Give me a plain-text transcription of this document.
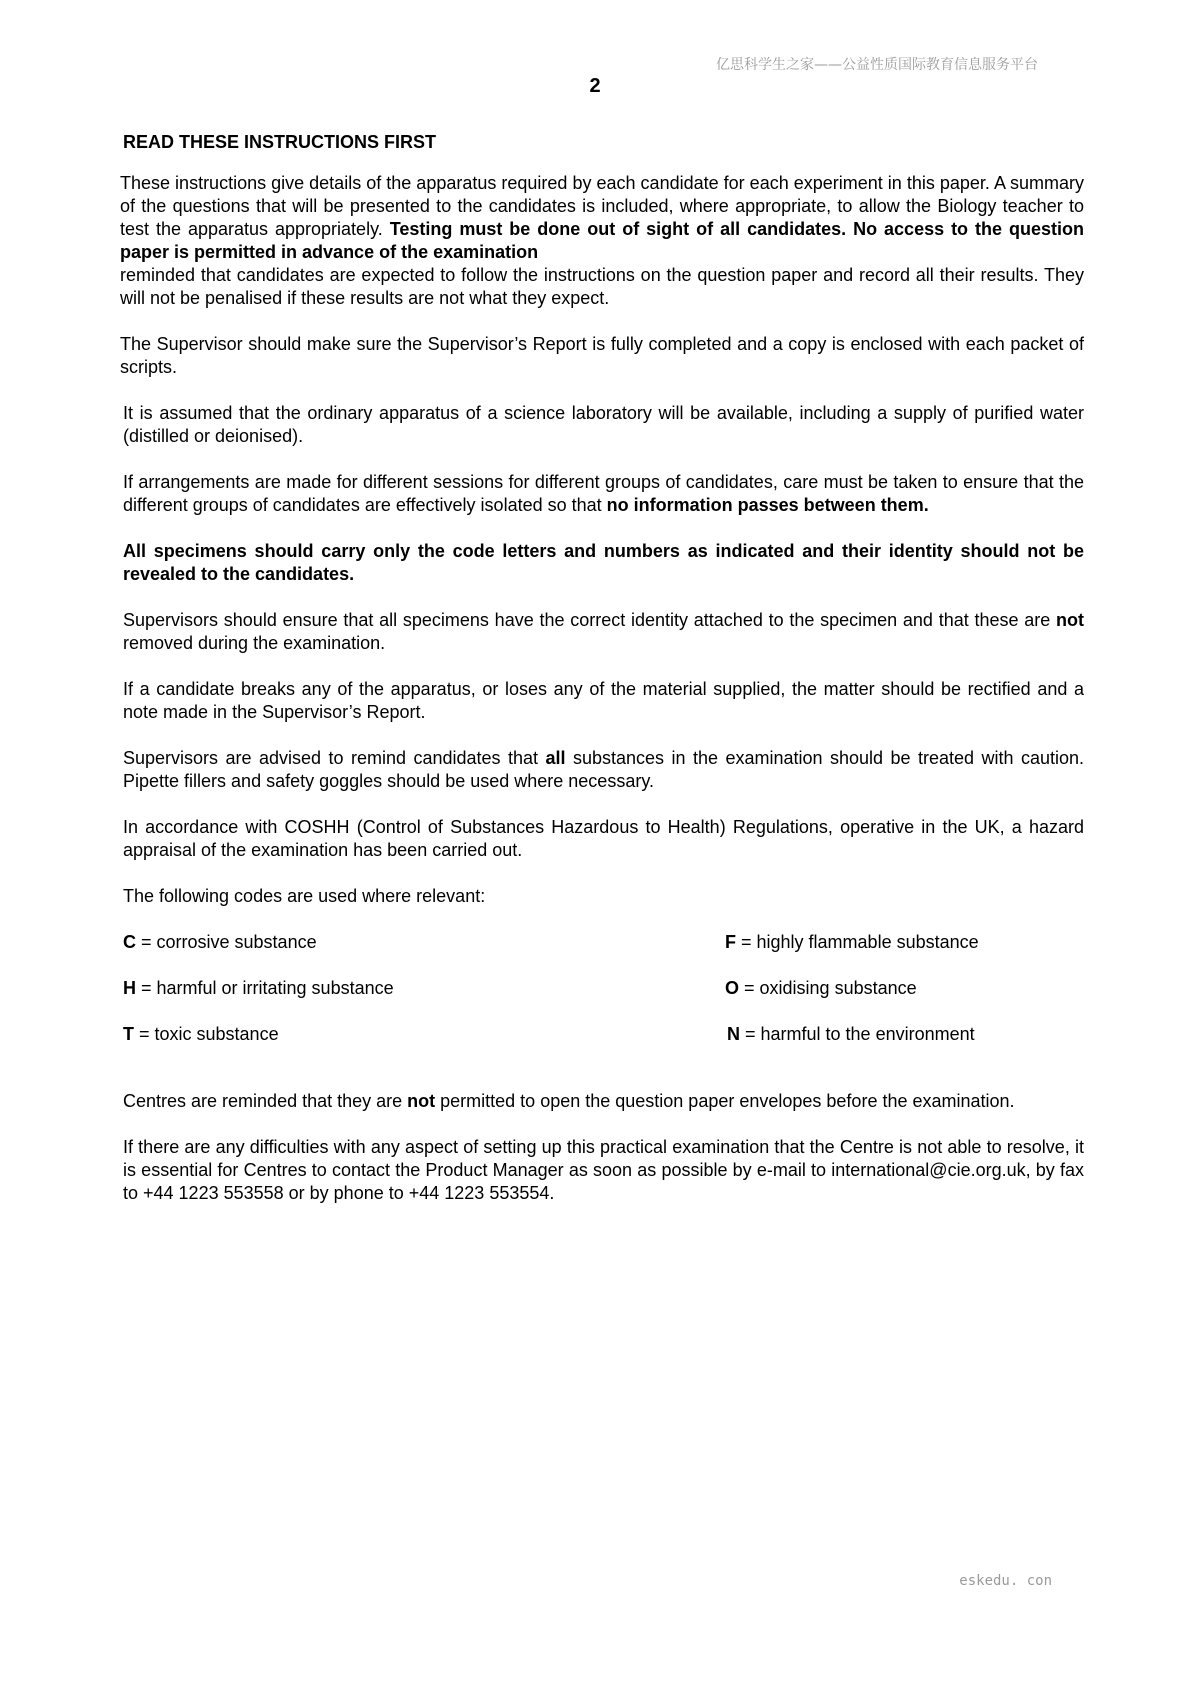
亿思科学生之家——公益性质国际教育信息服务平台
2
READ THESE INSTRUCTIONS FIRST

These instructions give details of the apparatus required by each candidate for each experiment in this paper. A summary of the questions that will be presented to the candidates is included, where appropriate, to allow the Biology teacher to test the apparatus appropriately. Testing must be done out of sight of all candidates. No access to the question paper is permitted in advance of the examination
reminded that candidates are expected to follow the instructions on the question paper and record all their results. They will not be penalised if these results are not what they expect.

The Supervisor should make sure the Supervisor’s Report is fully completed and a copy is enclosed with each packet of scripts.

It is assumed that the ordinary apparatus of a science laboratory will be available, including a supply of purified water (distilled or deionised).

If arrangements are made for different sessions for different groups of candidates, care must be taken to ensure that the different groups of candidates are effectively isolated so that no information passes between them.

All specimens should carry only the code letters and numbers as indicated and their identity should not be revealed to the candidates.

Supervisors should ensure that all specimens have the correct identity attached to the specimen and that these are not removed during the examination.

If a candidate breaks any of the apparatus, or loses any of the material supplied, the matter should be rectified and a note made in the Supervisor’s Report.

Supervisors are advised to remind candidates that all substances in the examination should be treated with caution. Pipette fillers and safety goggles should be used where necessary.

In accordance with COSHH (Control of Substances Hazardous to Health) Regulations, operative in the UK, a hazard appraisal of the examination has been carried out.

The following codes are used where relevant:

C = corrosive substance	F = highly flammable substance
H = harmful or irritating substance	O = oxidising substance
T = toxic substance	N = harmful to the environment

Centres are reminded that they are not permitted to open the question paper envelopes before the examination.

If there are any difficulties with any aspect of setting up this practical examination that the Centre is not able to resolve, it is essential for Centres to contact the Product Manager as soon as possible by e-mail to international@cie.org.uk, by fax to +44 1223 553558 or by phone to +44 1223 553554.

eskedu. con
